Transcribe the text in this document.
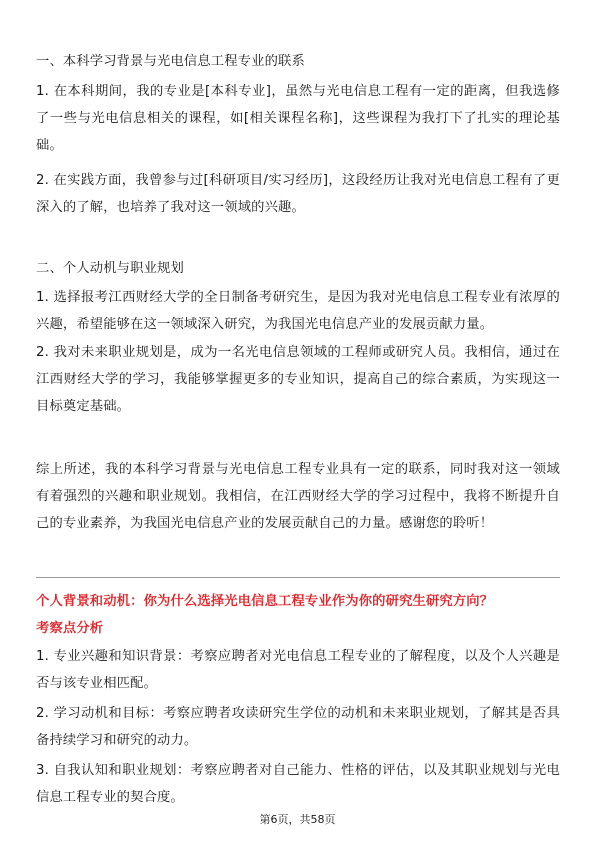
一、本科学习背景与光电信息工程专业的联系

1. 在本科期间，我的专业是[本科专业]，虽然与光电信息工程有一定的距离，但我选修了一些与光电信息相关的课程，如[相关课程名称]，这些课程为我打下了扎实的理论基础。

2. 在实践方面，我曾参与过[科研项目/实习经历]，这段经历让我对光电信息工程有了更深入的了解，也培养了我对这一领域的兴趣。

二、个人动机与职业规划

1. 选择报考江西财经大学的全日制备考研究生，是因为我对光电信息工程专业有浓厚的兴趣，希望能够在这一领域深入研究，为我国光电信息产业的发展贡献力量。

2. 我对未来职业规划是，成为一名光电信息领域的工程师或研究人员。我相信，通过在江西财经大学的学习，我能够掌握更多的专业知识，提高自己的综合素质，为实现这一目标奠定基础。

综上所述，我的本科学习背景与光电信息工程专业具有一定的联系，同时我对这一领域有着强烈的兴趣和职业规划。我相信，在江西财经大学的学习过程中，我将不断提升自己的专业素养，为我国光电信息产业的发展贡献自己的力量。感谢您的聆听！

个人背景和动机：你为什么选择光电信息工程专业作为你的研究生研究方向？

考察点分析

1. 专业兴趣和知识背景：考察应聘者对光电信息工程专业的了解程度，以及个人兴趣是否与该专业相匹配。

2. 学习动机和目标：考察应聘者攻读研究生学位的动机和未来职业规划，了解其是否具备持续学习和研究的动力。

3. 自我认知和职业规划：考察应聘者对自己能力、性格的评估，以及其职业规划与光电信息工程专业的契合度。

第6页，共58页
